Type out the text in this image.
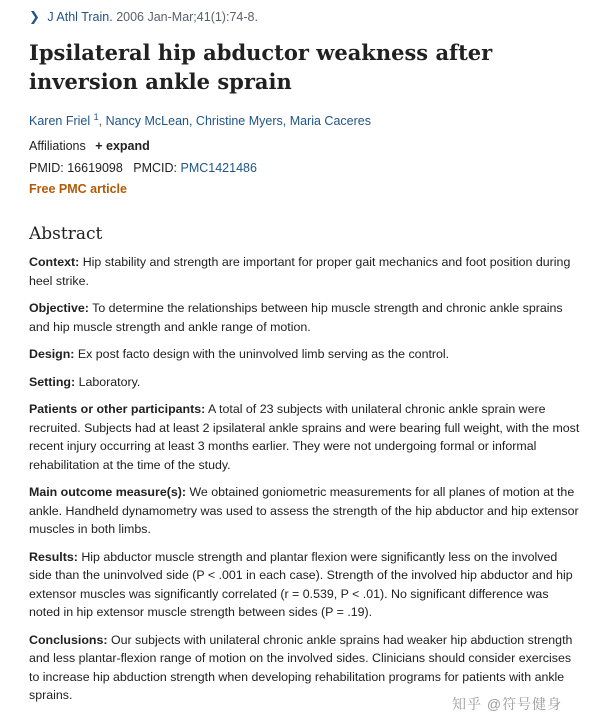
❯ J Athl Train. 2006 Jan-Mar;41(1):74-8.
Ipsilateral hip abductor weakness after inversion ankle sprain
Karen Friel $^1$, Nancy McLean, Christine Myers, Maria Caceres
Affiliations + expand
PMID: 16619098 PMCID: PMC1421486
Free PMC article
Abstract

Context: Hip stability and strength are important for proper gait mechanics and foot position during heel strike.

Objective: To determine the relationships between hip muscle strength and chronic ankle sprains and hip muscle strength and ankle range of motion.

Design: Ex post facto design with the uninvolved limb serving as the control.

Setting: Laboratory.

Patients or other participants: A total of 23 subjects with unilateral chronic ankle sprain were recruited. Subjects had at least 2 ipsilateral ankle sprains and were bearing full weight, with the most recent injury occurring at least 3 months earlier. They were not undergoing formal or informal rehabilitation at the time of the study.

Main outcome measure(s): We obtained goniometric measurements for all planes of motion at the ankle. Handheld dynamometry was used to assess the strength of the hip abductor and hip extensor muscles in both limbs.

Results: Hip abductor muscle strength and plantar flexion were significantly less on the involved side than the uninvolved side (P < .001 in each case). Strength of the involved hip abductor and hip extensor muscles was significantly correlated (r = 0.539, P < .01). No significant difference was noted in hip extensor muscle strength between sides (P = .19).

Conclusions: Our subjects with unilateral chronic ankle sprains had weaker hip abduction strength and less plantar-flexion range of motion on the involved sides. Clinicians should consider exercises to increase hip abduction strength when developing rehabilitation programs for patients with ankle sprains.

知乎 @符号健身
